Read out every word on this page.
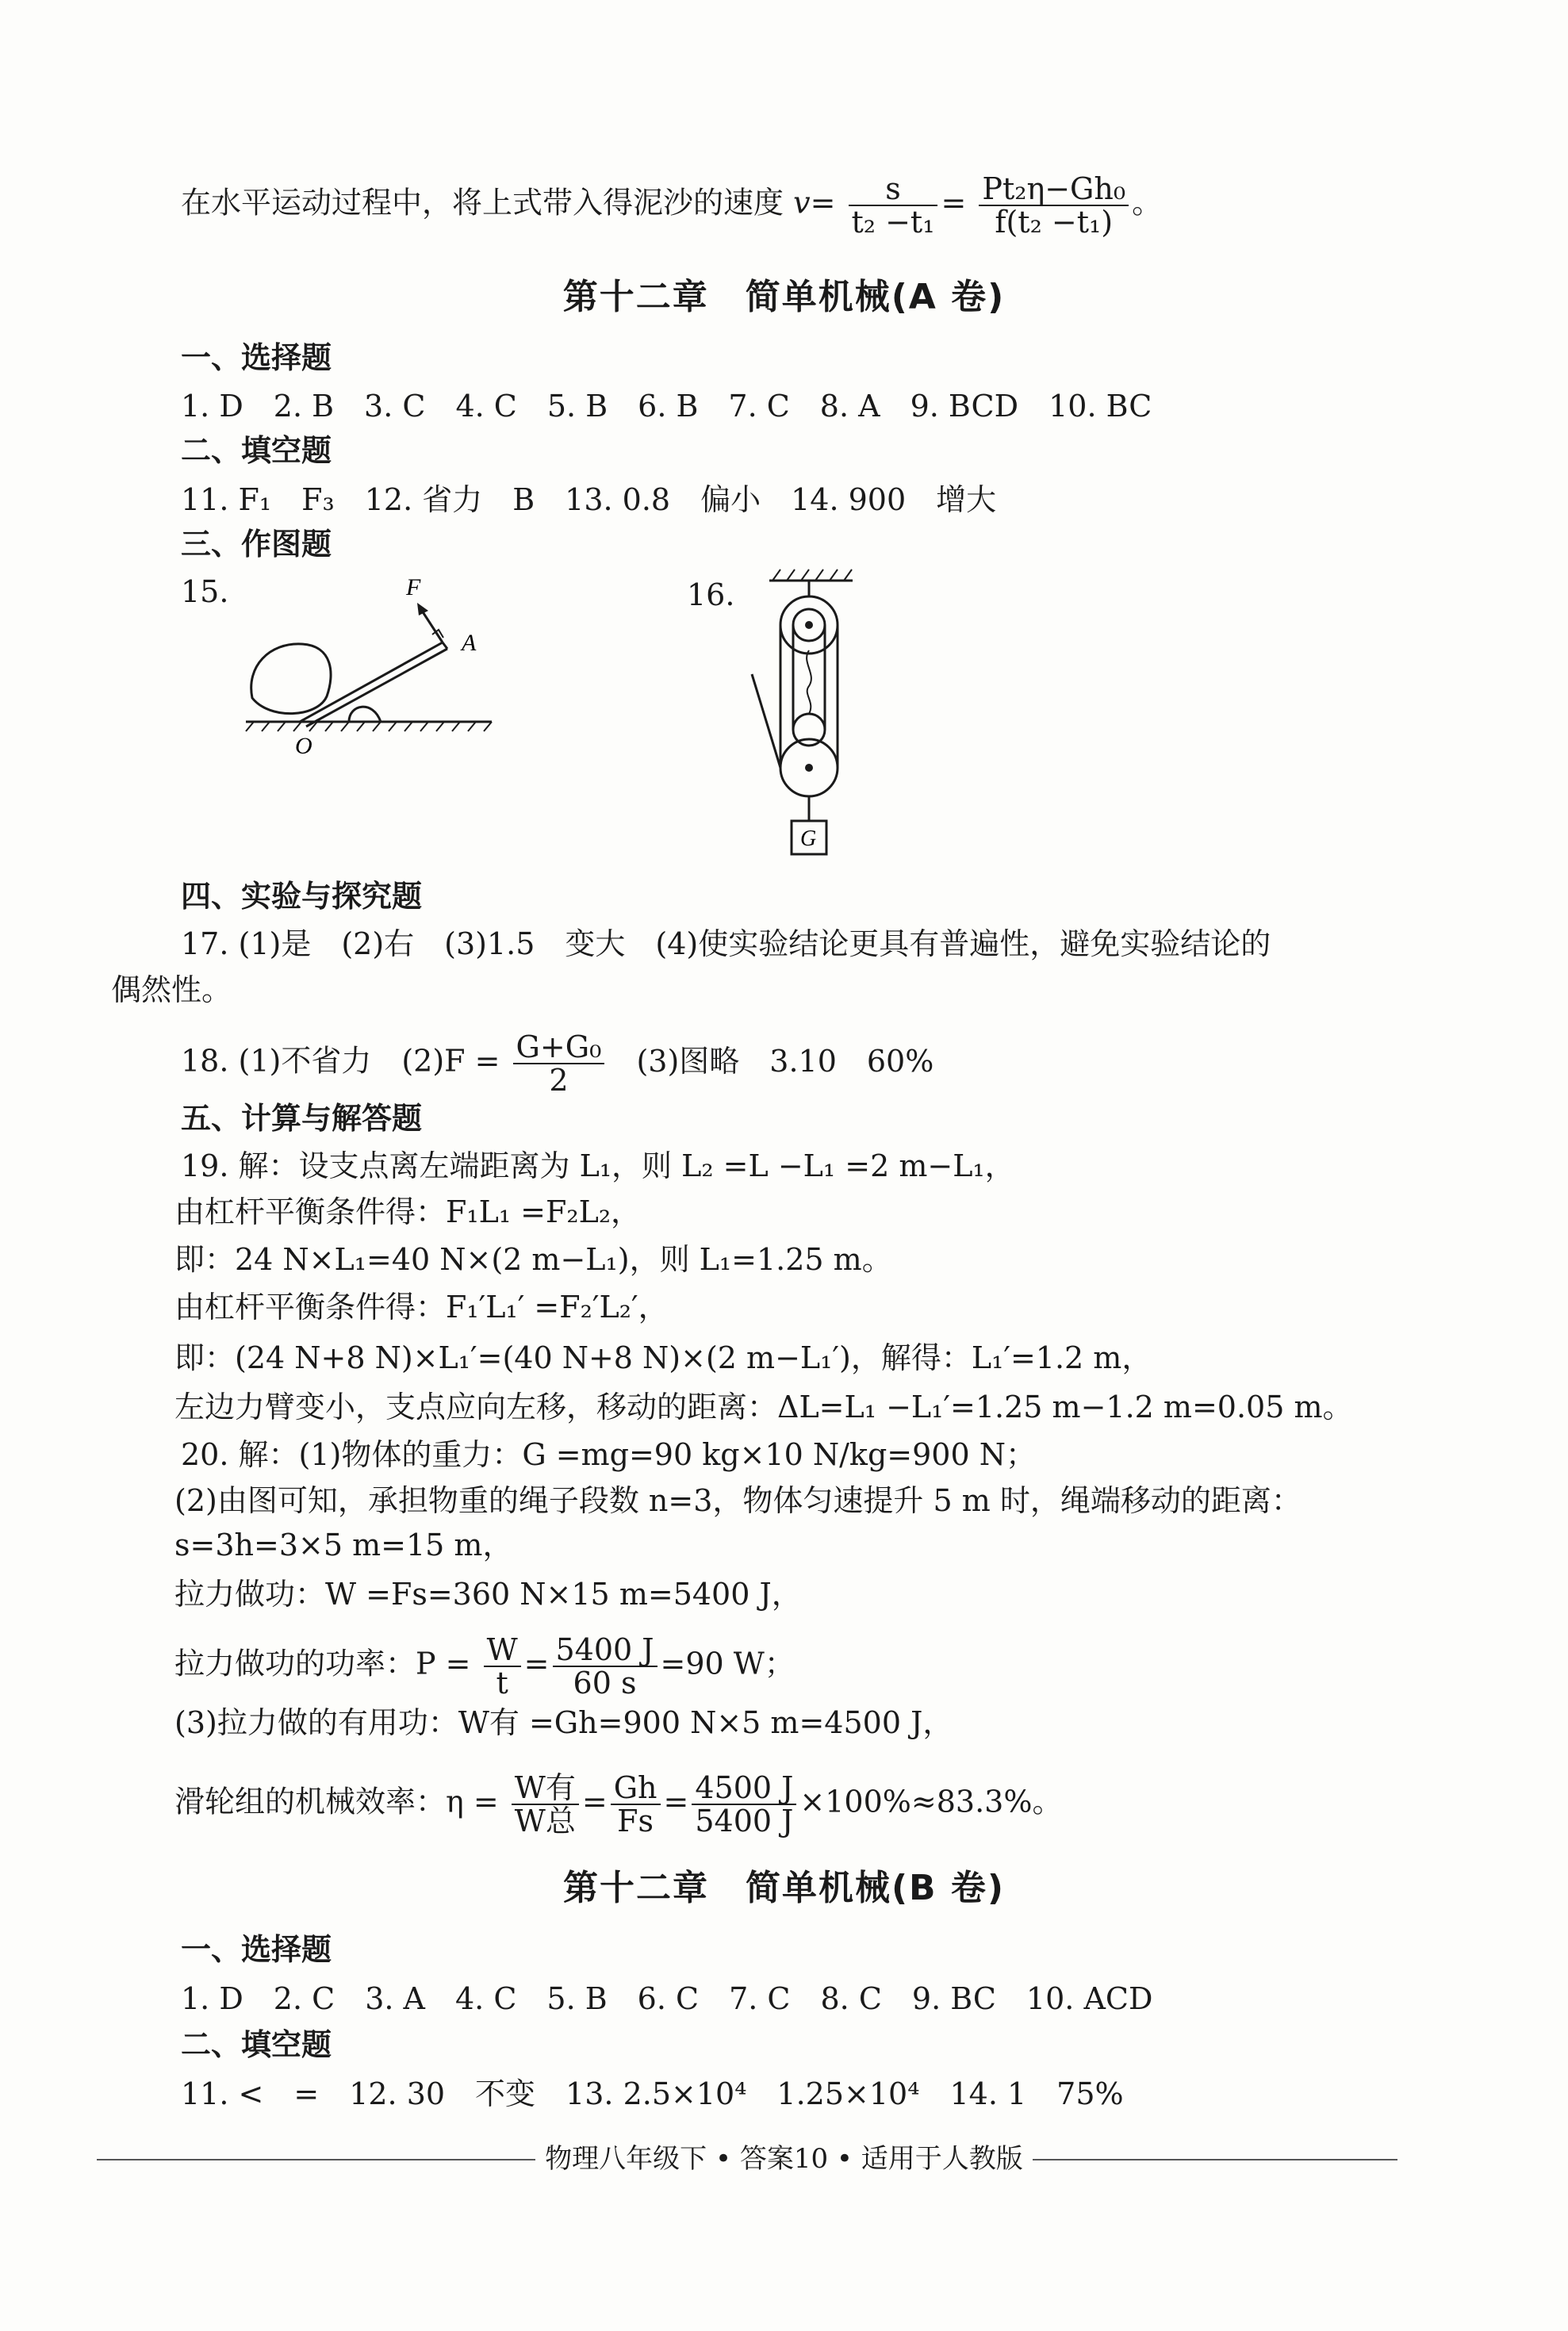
在水平运动过程中，将上式带入得泥沙的速度 $v= \frac{s}{\text{t₂ −t₁}} = \frac{\text{Pt₂η−Gh₀}}{\text{f(t₂ −t₁)}}$ 。
第十二章　简单机械(A 卷)
一、选择题
1. D　2. B　3. C　4. C　5. B　6. B　7. C　8. A　9. BCD　10. BC
二、填空题
11. F₁　F₃　12. 省力　B　13. 0.8　偏小　14. 900　增大
三、作图题
15.	16.
F
A
O
G
四、实验与探究题
17. (1)是　(2)右　(3)1.5　变大　(4)使实验结论更具有普遍性，避免实验结论的
偶然性。
18. (1)不省力　$(2)F = \frac{\text{G+G₀}}{2} (3)$图略　3.10　60%
五、计算与解答题
19. 解：设支点离左端距离为 L₁，则 L₂ =L −L₁ =2 m−L₁，
由杠杆平衡条件得：F₁L₁ =F₂L₂，
即：24 N×L₁=40 N×(2 m−L₁)，则 L₁=1.25 m。
由杠杆平衡条件得：F₁′L₁′ =F₂′L₂′，
即：(24 N+8 N)×L₁′=(40 N+8 N)×(2 m−L₁′)，解得：L₁′=1.2 m，
左边力臂变小，支点应向左移，移动的距离：ΔL=L₁ −L₁′=1.25 m−1.2 m=0.05 m。
20. 解：(1)物体的重力：G =mg=90 kg×10 N/kg=900 N；
(2)由图可知，承担物重的绳子段数 n=3，物体匀速提升 5 m 时，绳端移动的距离：
s=3h=3×5 m=15 m，
拉力做功：W =Fs=360 N×15 m=5400 J，
拉力做功的功率：$P = \frac{W}{t} = \frac{5400 J}{60 s} =90$ W；
(3)拉力做的有用功：W有 =Gh=900 N×5 m=4500 J，
滑轮组的机械效率：$\eta = \frac{\text{W有}}{\text{W总}} = \frac{Gh}{Fs} = \frac{4500 J}{5400 J} \times 100\%\approx 83.3\%$。
第十二章　简单机械(B 卷)
一、选择题
1. D　2. C　3. A　4. C　5. B　6. C　7. C　8. C　9. BC　10. ACD
二、填空题
11. <　=　12. 30　不变　13. 2.5×10⁴　1.25×10⁴　14. 1　75%
物理八年级下 • 答案10 • 适用于人教版
